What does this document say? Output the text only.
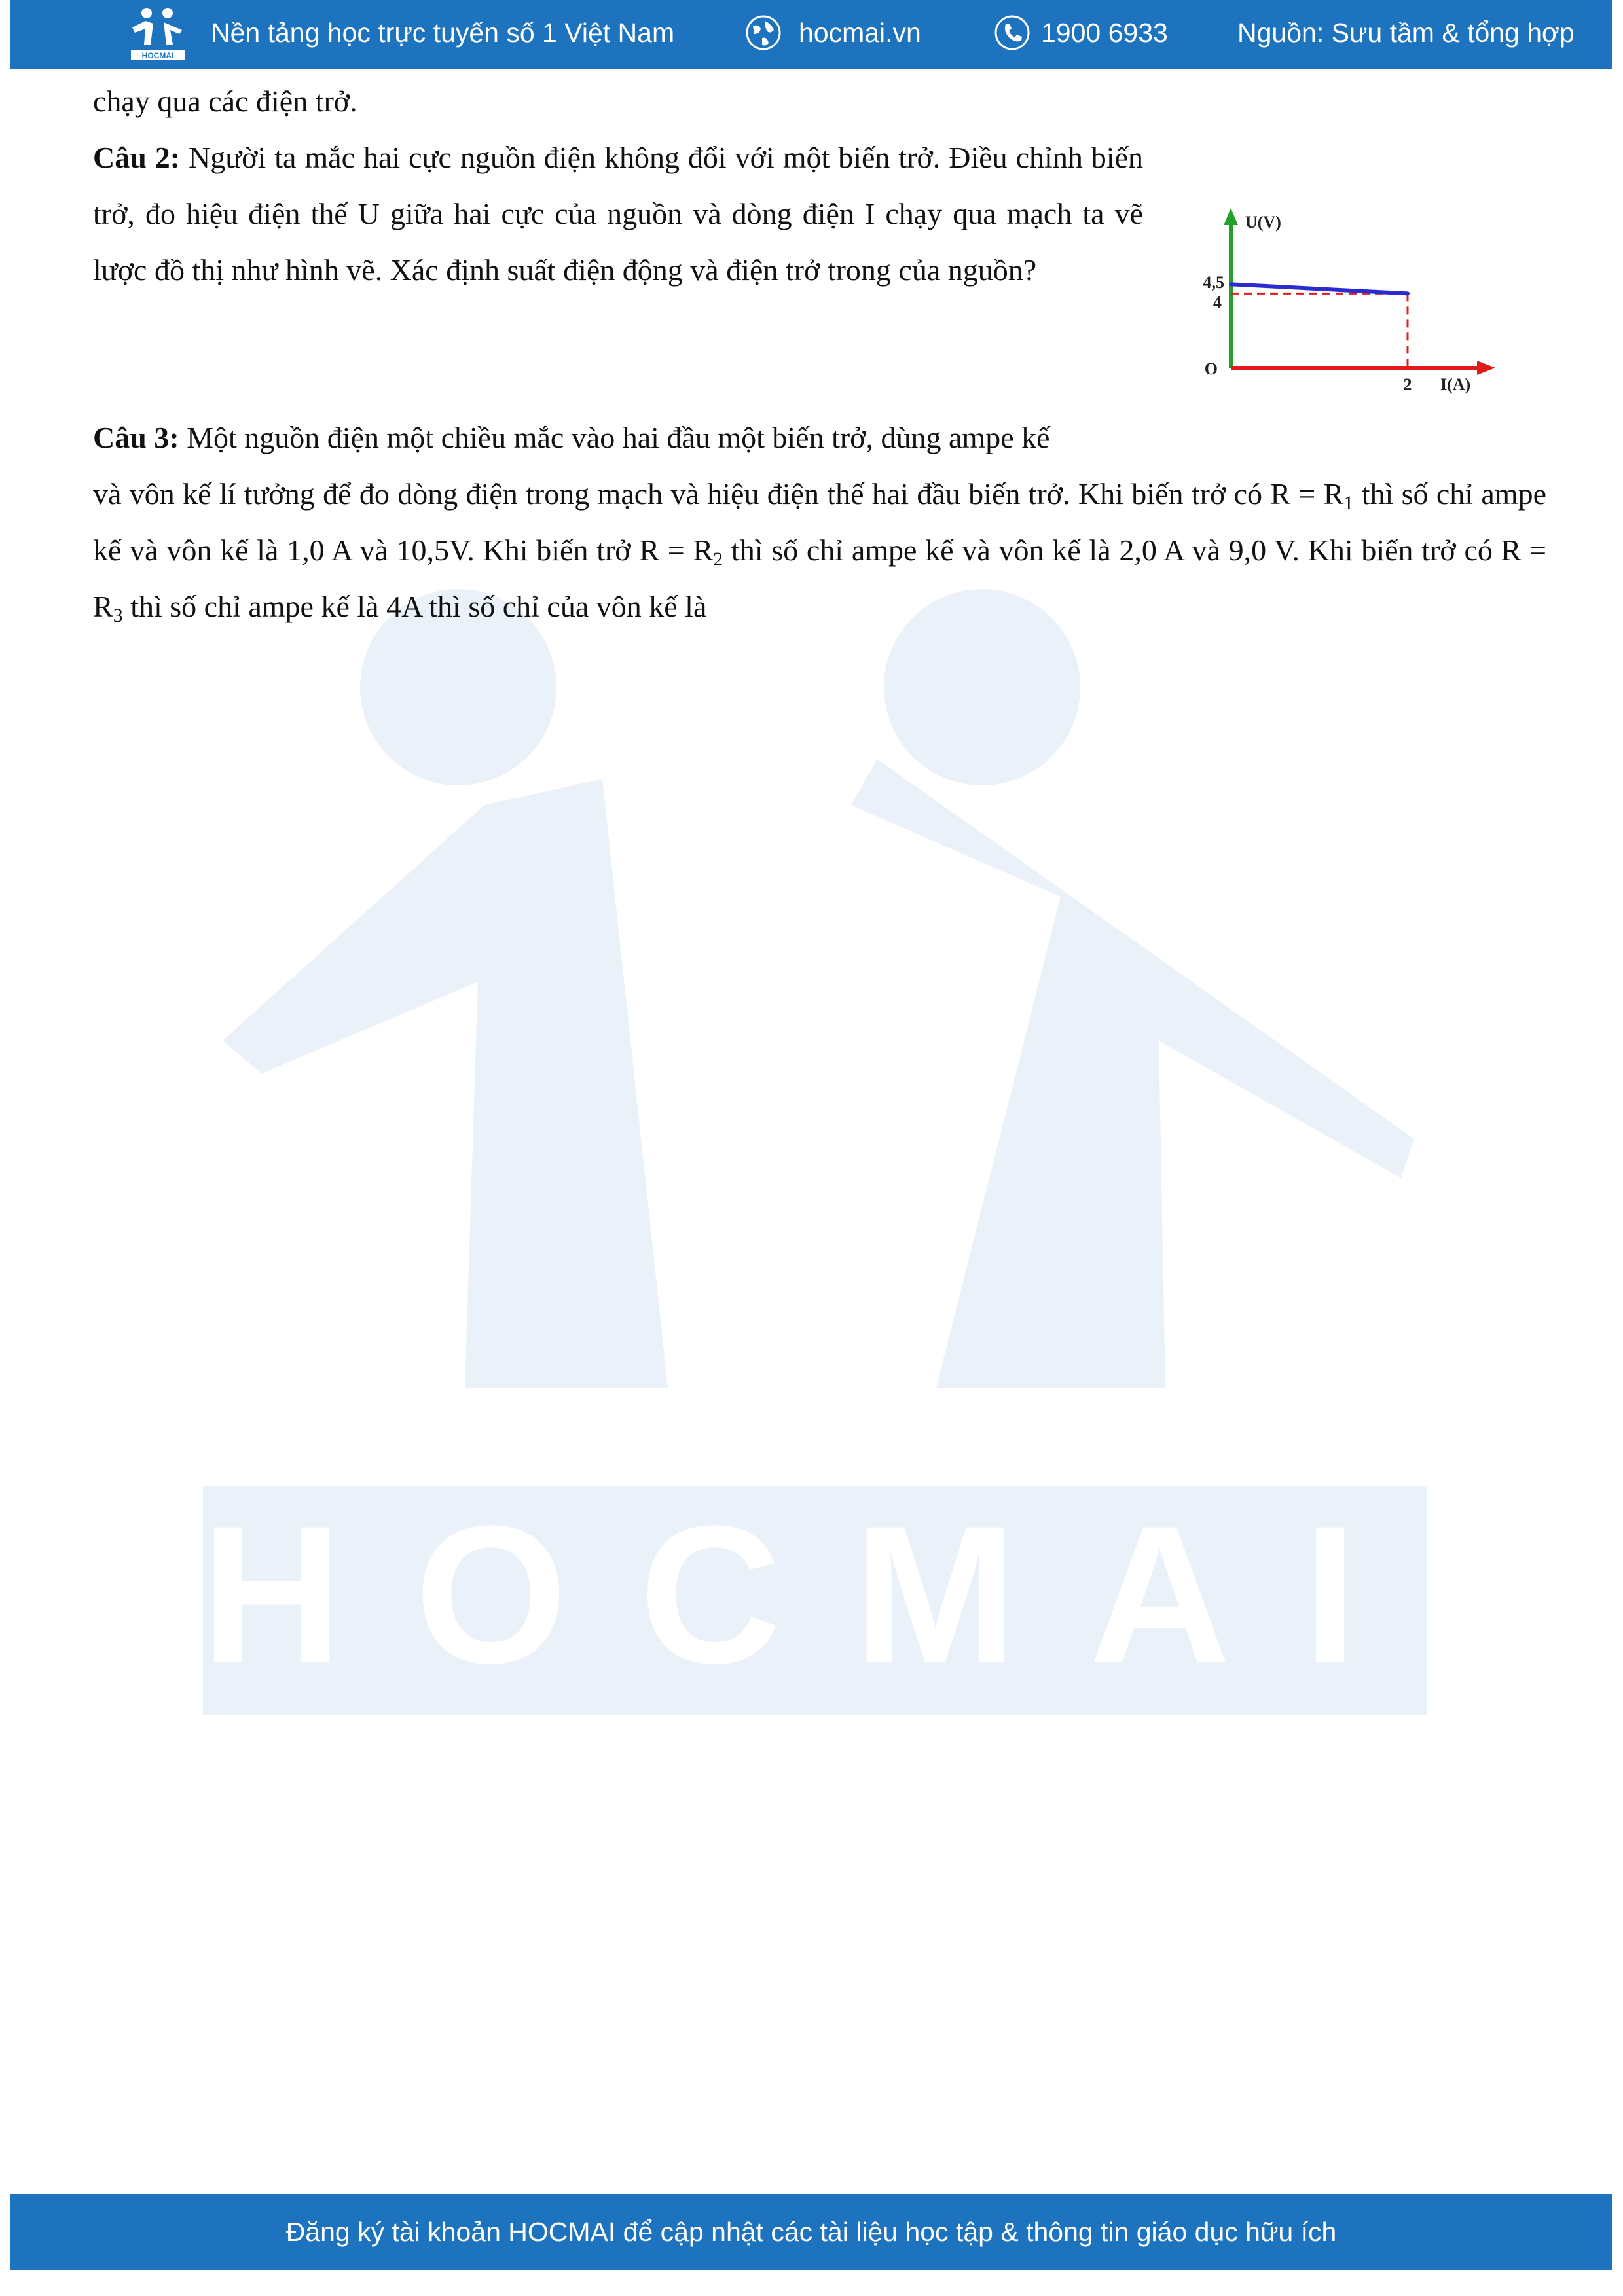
HOCMAI
Nền tảng học trực tuyến số 1 Việt Nam	hocmai.vn	1900 6933	Nguồn: Sưu tầm & tổng hợp
HOCMAI

chạy qua các điện trở.

Câu 2: Người ta mắc hai cực nguồn điện không đổi với một biến trở. Điều chỉnh biến trở, đo hiệu điện thế U giữa hai cực của nguồn và dòng điện I chạy qua mạch ta vẽ lược đồ thị như hình vẽ. Xác định suất điện động và điện trở trong của nguồn?

U(V)
4,5
4
O
2 I(A)

Câu 3: Một nguồn điện một chiều mắc vào hai đầu một biến trở, dùng ampe kế

và vôn kế lí tưởng để đo dòng điện trong mạch và hiệu điện thế hai đầu biến trở. Khi biến trở có $R = R_1$ thì số chỉ ampe kế và vôn kế là 1,0 A và 10,5V. Khi biến trở $R = R_2$ thì số chỉ ampe kế và vôn kế là 2,0 A và 9,0 V. Khi biến trở có $R = R_3$ thì số chỉ ampe kế là 4A thì số chỉ của vôn kế là

Đăng ký tài khoản HOCMAI để cập nhật các tài liệu học tập & thông tin giáo dục hữu ích
